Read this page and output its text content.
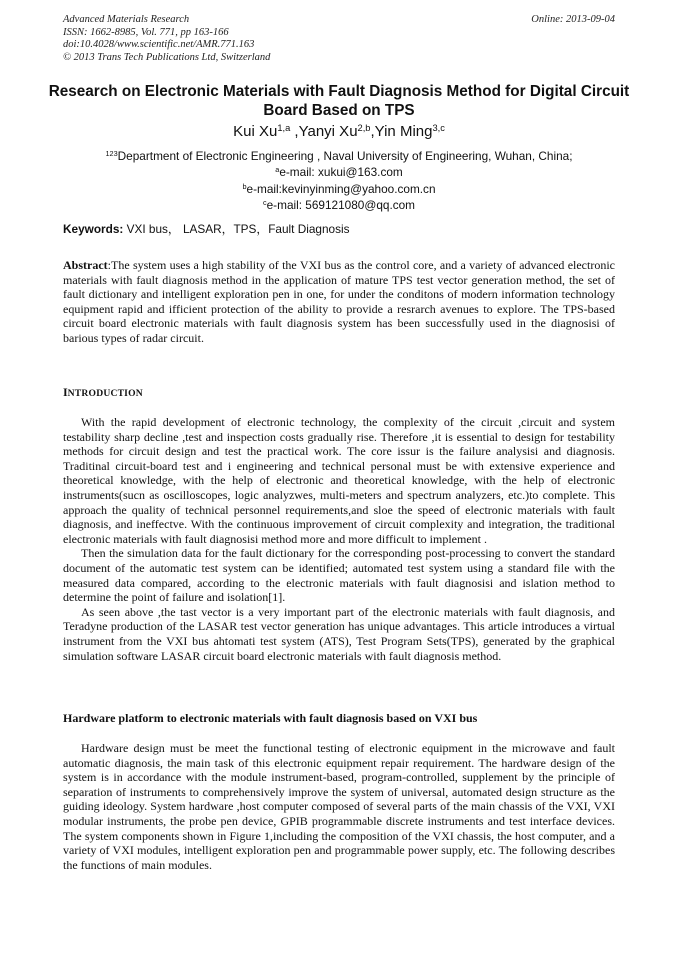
Advanced Materials Research
ISSN: 1662-8985, Vol. 771, pp 163-166
doi:10.4028/www.scientific.net/AMR.771.163
© 2013 Trans Tech Publications Ltd, Switzerland
Online: 2013-09-04
Research on Electronic Materials with Fault Diagnosis Method for Digital Circuit Board Based on TPS
Kui Xu$^{1,a}$ ,Yanyi Xu$^{2,b}$,Yin Ming$^{3,c}$
$^{123}$Department of Electronic Engineering , Naval University of Engineering, Wuhan, China;
$^a$e-mail: xukui@163.com
$^b$e-mail:kevinyinming@yahoo.com.cn
$^c$e-mail: 569121080@qq.com
Keywords: VXI bus， LASAR，TPS，Fault Diagnosis
Abstract:The system uses a high stability of the VXI bus as the control core, and a variety of advanced electronic materials with fault diagnosis method in the application of mature TPS test vector generation method, the set of fault dictionary and intelligent exploration pen in one, for under the conditons of modern information technology equipment rapid and ifficient protection of the ability to provide a resrarch avenues to explore. The TPS-based circuit board electronic materials with fault diagnosis system has been successfully used in the diagnosisi of barious types of radar circuit.
INTRODUCTION

With the rapid development of electronic technology, the complexity of the circuit ,circuit and system testability sharp decline ,test and inspection costs gradually rise. Therefore ,it is essential to design for testability methods for circuit design and test the practical work. The core issur is the failure analysisi and diagnosis. Traditinal circuit-board test and i engineering and technical personal must be with extensive experience and theoretical knowledge, with the help of electronic and theoretical knowledge, with the help of electronic instruments(sucn as oscilloscopes, logic analyzwes, multi-meters and spectrum analyzers, etc.)to complete. This approach the quality of technical personnel requirements,and sloe the speed of electronic materials with fault diagnosis, and ineffectve. With the continuous improvement of circuit complexity and integration, the traditional electronic materials with fault diagnosisi method more and more difficult to implement .

Then the simulation data for the fault dictionary for the corresponding post-processing to convert the standard document of the automatic test system can be identified; automated test system using a standard file with the measured data compared, according to the electronic materials with fault diagnosisi and islation method to determine the point of failure and isolation[1].

As seen above ,the tast vector is a very important part of the electronic materials with fault diagnosis, and Teradyne production of the LASAR test vector generation has unique advantages. This article introduces a virtual instrument from the VXI bus ahtomati test system (ATS), Test Program Sets(TPS), generated by the graphical simulation software LASAR circuit board electronic materials with fault diagnosis method.

Hardware platform to electronic materials with fault diagnosis based on VXI bus

Hardware design must be meet the functional testing of electronic equipment in the microwave and fault automatic diagnosis, the main task of this electronic equipment repair requirement. The hardware design of the system is in accordance with the module instrument-based, program-controlled, supplement by the principle of separation of instruments to comprehensively improve the system of universal, automated design structure as the guiding ideology. System hardware ,host computer composed of several parts of the main chassis of the VXI, VXI modular instruments, the probe pen device, GPIB programmable discrete instruments and test interface devices. The system components shown in Figure 1,including the composition of the VXI chassis, the host computer, and a variety of VXI modules, intelligent exploration pen and programmable power supply, etc. The following describes the functions of main modules.
